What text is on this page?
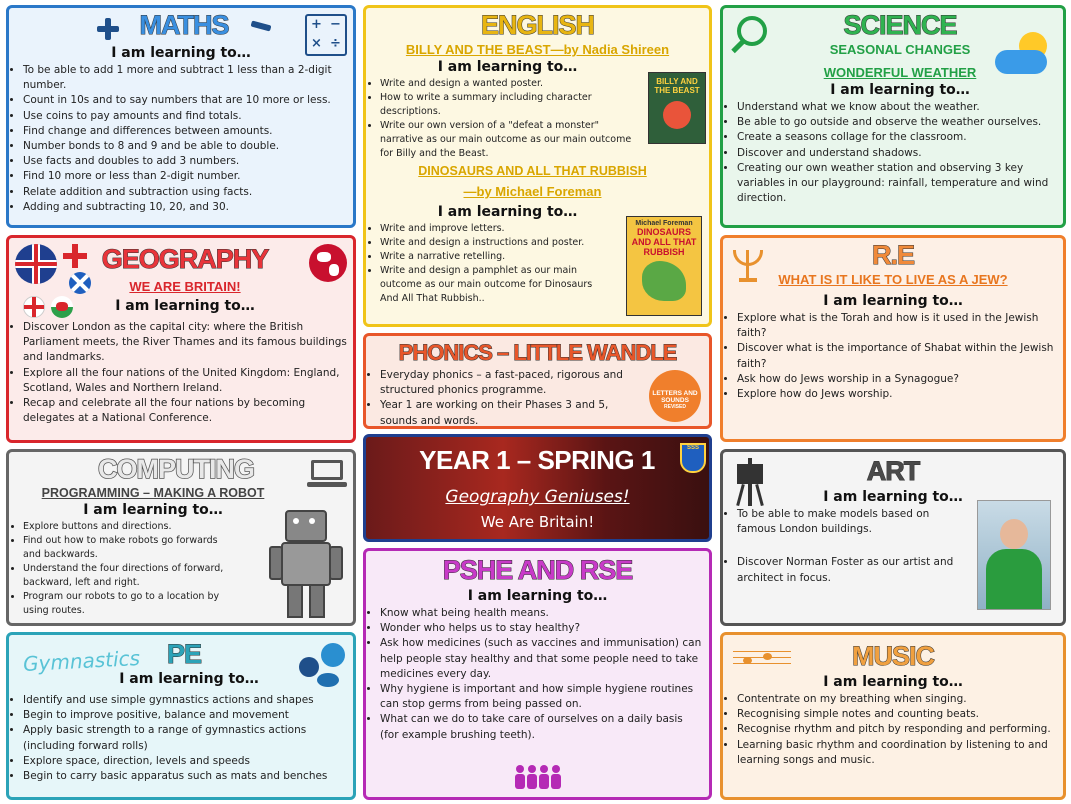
MATHS	+ −
× ÷
I am learning to…
• To be able to add 1 more and subtract 1 less than a 2-digit number.
• Count in 10s and to say numbers that are 10 more or less.
• Use coins to pay amounts and find totals.
• Find change and differences between amounts.
• Number bonds to 8 and 9 and be able to double.
• Use facts and doubles to add 3 numbers.
• Find 10 more or less than 2-digit number.
• Relate addition and subtraction using facts.
• Adding and subtracting 10, 20, and 30.
ENGLISH
BILLY AND THE BEAST—by Nadia Shireen
I am learning to…
• Write and design a wanted poster.
• How to write a summary including character descriptions.
• Write our own version of a "defeat a monster" narrative as our main outcome as our main outcome for Billy and the Beast.
DINOSAURS AND ALL THAT RUBBISH
—by Michael Foreman
I am learning to…
• Write and improve letters.
• Write and design a instructions and poster.
• Write a narrative retelling.
• Write and design a pamphlet as our main outcome as our main outcome for Dinosaurs And All That Rubbish..
BILLY AND THE BEAST
Michael Foreman
DINOSAURS AND ALL THAT RUBBISH
SCIENCE
SEASONAL CHANGES
WONDERFUL WEATHER
I am learning to…
• Understand what we know about the weather.
• Be able to go outside and observe the weather ourselves.
• Create a seasons collage for the classroom.
• Discover and understand shadows.
• Creating our own weather station and observing 3 key variables in our playground: rainfall, temperature and wind direction.
GEOGRAPHY
WE ARE BRITAIN!
I am learning to…
• Discover London as the capital city: where the British Parliament meets, the River Thames and its famous buildings and landmarks.
• Explore all the four nations of the United Kingdom: England, Scotland, Wales and Northern Ireland.
• Recap and celebrate all the four nations by becoming delegates at a National Conference.
R.E
WHAT IS IT LIKE TO LIVE AS A JEW?
I am learning to…
• Explore what is the Torah and how is it used in the Jewish faith?
• Discover what is the importance of Shabat within the Jewish faith?
• Ask how do Jews worship in a Synagogue?
• Explore how do Jews worship.
PHONICS – LITTLE WANDLE
• Everyday phonics – a fast-paced, rigorous and structured phonics programme.
• Year 1 are working on their Phases 3 and 5, sounds and words.
LETTERS AND SOUNDS
REVISED
YEAR 1 – SPRING 1	SSS
Geography Geniuses!
We Are Britain!
COMPUTING
PROGRAMMING – MAKING A ROBOT
I am learning to…
• Explore buttons and directions.
• Find out how to make robots go forwards and backwards.
• Understand the four directions of forward, backward, left and right.
• Program our robots to go to a location by using routes.
ART
I am learning to…
• To be able to make models based on famous London buildings.
• Discover Norman Foster as our artist and architect in focus.
PSHE AND RSE
I am learning to…
• Know what being health means.
• Wonder who helps us to stay healthy?
• Ask how medicines (such as vaccines and immunisation) can help people stay healthy and that some people need to take medicines every day.
• Why hygiene is important and how simple hygiene routines can stop germs from being passed on.
• What can we do to take care of ourselves on a daily basis (for example brushing teeth).
Gymnastics PE
I am learning to…
• Identify and use simple gymnastics actions and shapes
• Begin to improve positive, balance and movement
• Apply basic strength to a range of gymnastics actions (including forward rolls)
• Explore space, direction, levels and speeds
• Begin to carry basic apparatus such as mats and benches
MUSIC
I am learning to…
• Contentrate on my breathing when singing.
• Recognising simple notes and counting beats.
• Recognise rhythm and pitch by responding and performing.
• Learning basic rhythm and coordination by listening to and learning songs and music.
